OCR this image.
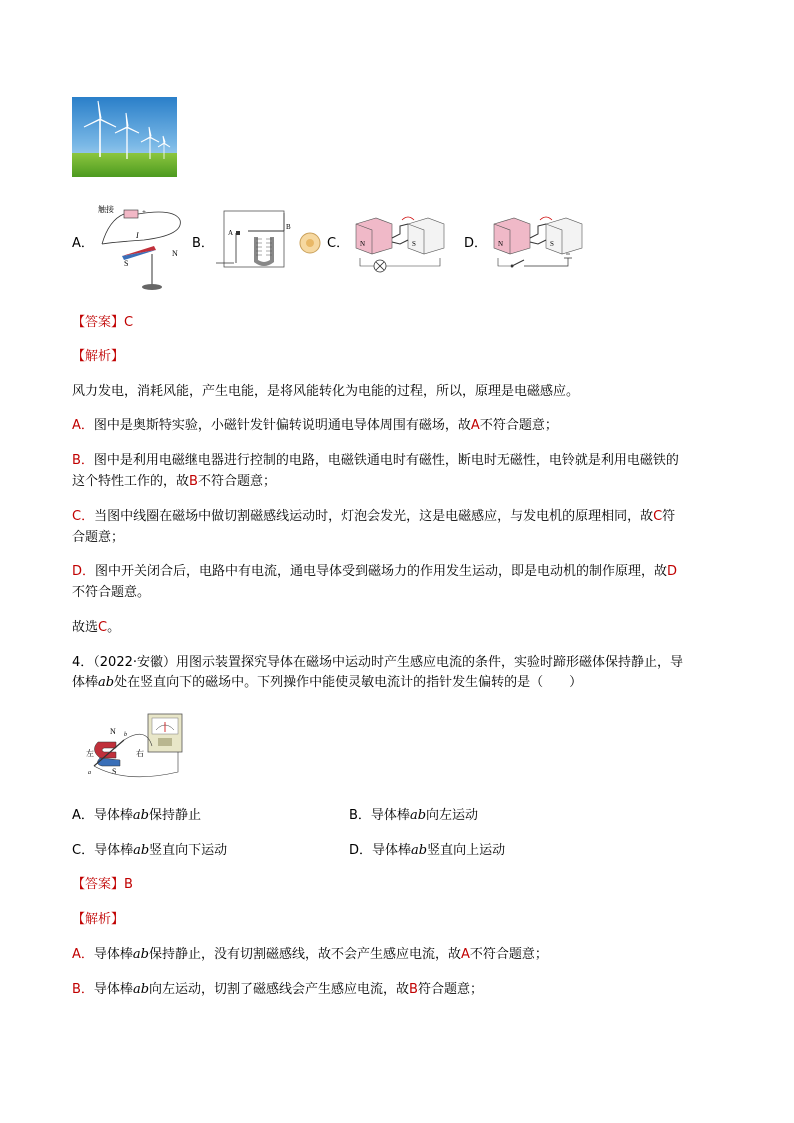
A．
触接	+
I
S
N
B．
A
B
C． N	S	D． N	S
【答案】C
【解析】
风力发电，消耗风能，产生电能，是将风能转化为电能的过程，所以，原理是电磁感应。
A．图中是奥斯特实验，小磁针发针偏转说明通电导体周围有磁场，故A不符合题意；
B．图中是利用电磁继电器进行控制的电路，电磁铁通电时有磁性，断电时无磁性，电铃就是利用电磁铁的
这个特性工作的，故B不符合题意；
C．当图中线圈在磁场中做切割磁感线运动时，灯泡会发光，这是电磁感应，与发电机的原理相同，故C符
合题意；
D．图中开关闭合后，电路中有电流，通电导体受到磁场力的作用发生运动，即是电动机的制作原理，故D
不符合题意。
故选C。
4．（2022·安徽）用图示装置探究导体在磁场中运动时产生感应电流的条件，实验时蹄形磁体保持静止，导
体棒ab处在竖直向下的磁场中。下列操作中能使灵敏电流计的指针发生偏转的是（　　）
左	右
N
S
b
a
A．导体棒ab保持静止	B．导体棒ab向左运动
C．导体棒ab竖直向下运动	D．导体棒ab竖直向上运动
【答案】B
【解析】
A．导体棒ab保持静止，没有切割磁感线，故不会产生感应电流，故A不符合题意；
B．导体棒ab向左运动，切割了磁感线会产生感应电流，故B符合题意；
